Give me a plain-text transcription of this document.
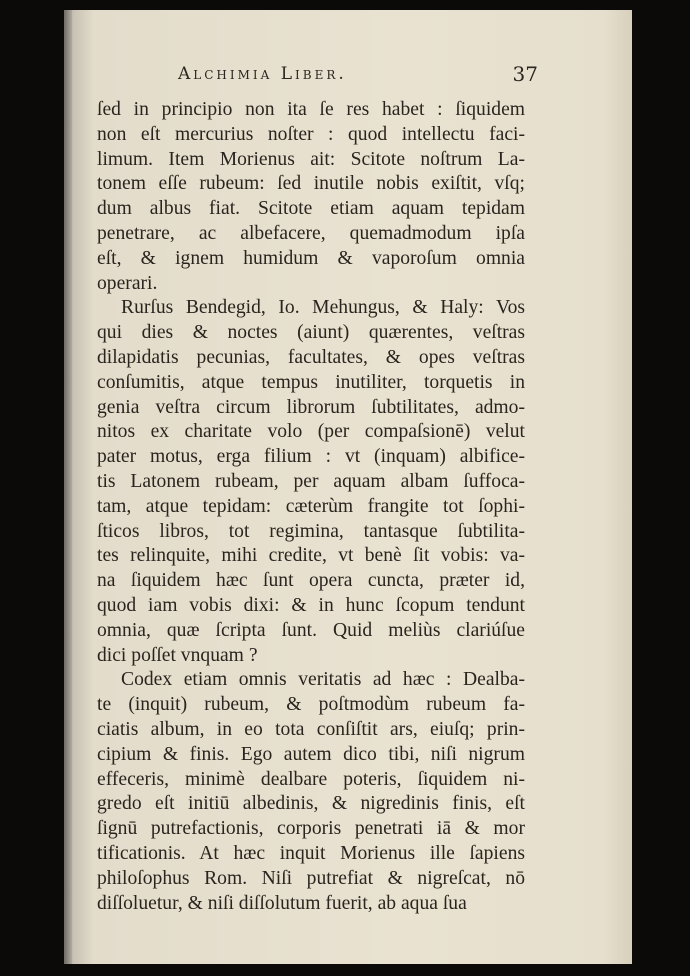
Alchimia Liber.	37
ſed in principio non ita ſe res habet : ſiquidem
non eſt mercurius noſter : quod intellectu faci-
limum. Item Morienus ait: Scitote noſtrum La-
tonem eſſe rubeum: ſed inutile nobis exiſtit, vſq;
dum albus fiat. Scitote etiam aquam tepidam
penetrare, ac albefacere, quemadmodum ipſa
eſt, & ignem humidum & vaporoſum omnia
operari.
Rurſus Bendegid, Io. Mehungus, & Haly: Vos
qui dies & noctes (aiunt) quærentes, veſtras
dilapidatis pecunias, facultates, & opes veſtras
conſumitis, atque tempus inutiliter, torquetis in
genia veſtra circum librorum ſubtilitates, admo-
nitos ex charitate volo (per compaſsionē) velut
pater motus, erga filium : vt (inquam) albifice-
tis Latonem rubeam, per aquam albam ſuffoca-
tam, atque tepidam: cæterùm frangite tot ſophi-
ſticos libros, tot regimina, tantasque ſubtilita-
tes relinquite, mihi credite, vt benè ſit vobis: va-
na ſiquidem hæc ſunt opera cuncta, præter id,
quod iam vobis dixi: & in hunc ſcopum tendunt
omnia, quæ ſcripta ſunt. Quid meliùs clariúſue
dici poſſet vnquam ?
Codex etiam omnis veritatis ad hæc : Dealba-
te (inquit) rubeum, & poſtmodùm rubeum fa-
ciatis album, in eo tota conſiſtit ars, eiuſq; prin-
cipium & finis. Ego autem dico tibi, niſi nigrum
effeceris, minimè dealbare poteris, ſiquidem ni-
gredo eſt initiū albedinis, & nigredinis finis, eſt
ſignū putrefactionis, corporis penetrati iā & mor
tificationis. At hæc inquit Morienus ille ſapiens
philoſophus Rom. Niſi putrefiat & nigreſcat, nō
diſſoluetur, & niſi diſſolutum fuerit, ab aqua ſua
